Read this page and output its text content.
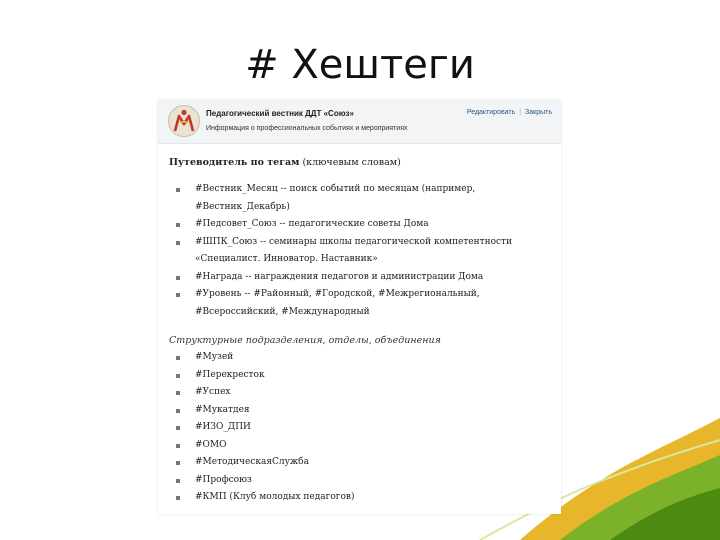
# Хештеги
Педагогический вестник ДДТ «Союз»
Информация о профессиональных событиях и мероприятиях
Редактировать | Закрыть
Путеводитель по тегам (ключевым словам)
#Вестник_Месяц -- поиск событий по месяцам (например,
#Вестник_Декабрь)
#Педсовет_Союз -- педагогические советы Дома
#ШПК_Союз -- семинары школы педагогической компетентности
«Специалист. Инноватор. Наставник»
#Награда -- награждения педагогов и администрации Дома
#Уровень -- #Районный, #Городской, #Межрегиональный,
#Всероссийский, #Международный
Структурные подразделения, отделы, объединения
#Музей
#Перекресток
#Успех
#Мукатдея
#ИЗО_ДПИ
#ОМО
#МетодическаяСлужба
#Профсоюз
#КМП (Клуб молодых педагогов)
